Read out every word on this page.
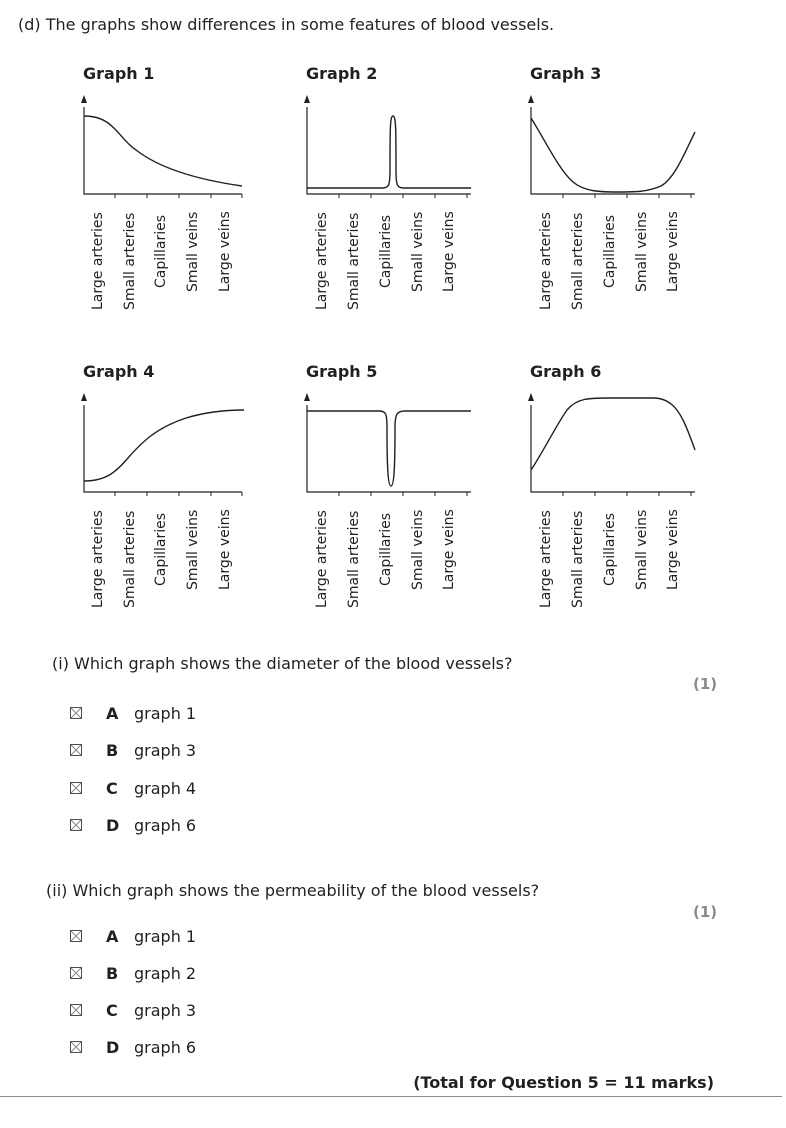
(d) The graphs show differences in some features of blood vessels.
Graph 1	Graph 2	Graph 3
Graph 4	Graph 5	Graph 6
Large arteries Small arteries Capillaries Small veins Large veins	Large arteries Small arteries Capillaries Small veins Large veins	Large arteries Small arteries Capillaries Small veins Large veins
Large arteries Small arteries Capillaries Small veins Large veins	Large arteries Small arteries Capillaries Small veins Large veins	Large arteries Small arteries Capillaries Small veins Large veins
(i) Which graph shows the diameter of the blood vessels?
(1)
A graph 1
B graph 3
C	graph 4
D graph 6
(ii) Which graph shows the permeability of the blood vessels?
(1)
A graph 1
B graph 2
C	graph 3
D graph 6
(Total for Question 5 = 11 marks)
